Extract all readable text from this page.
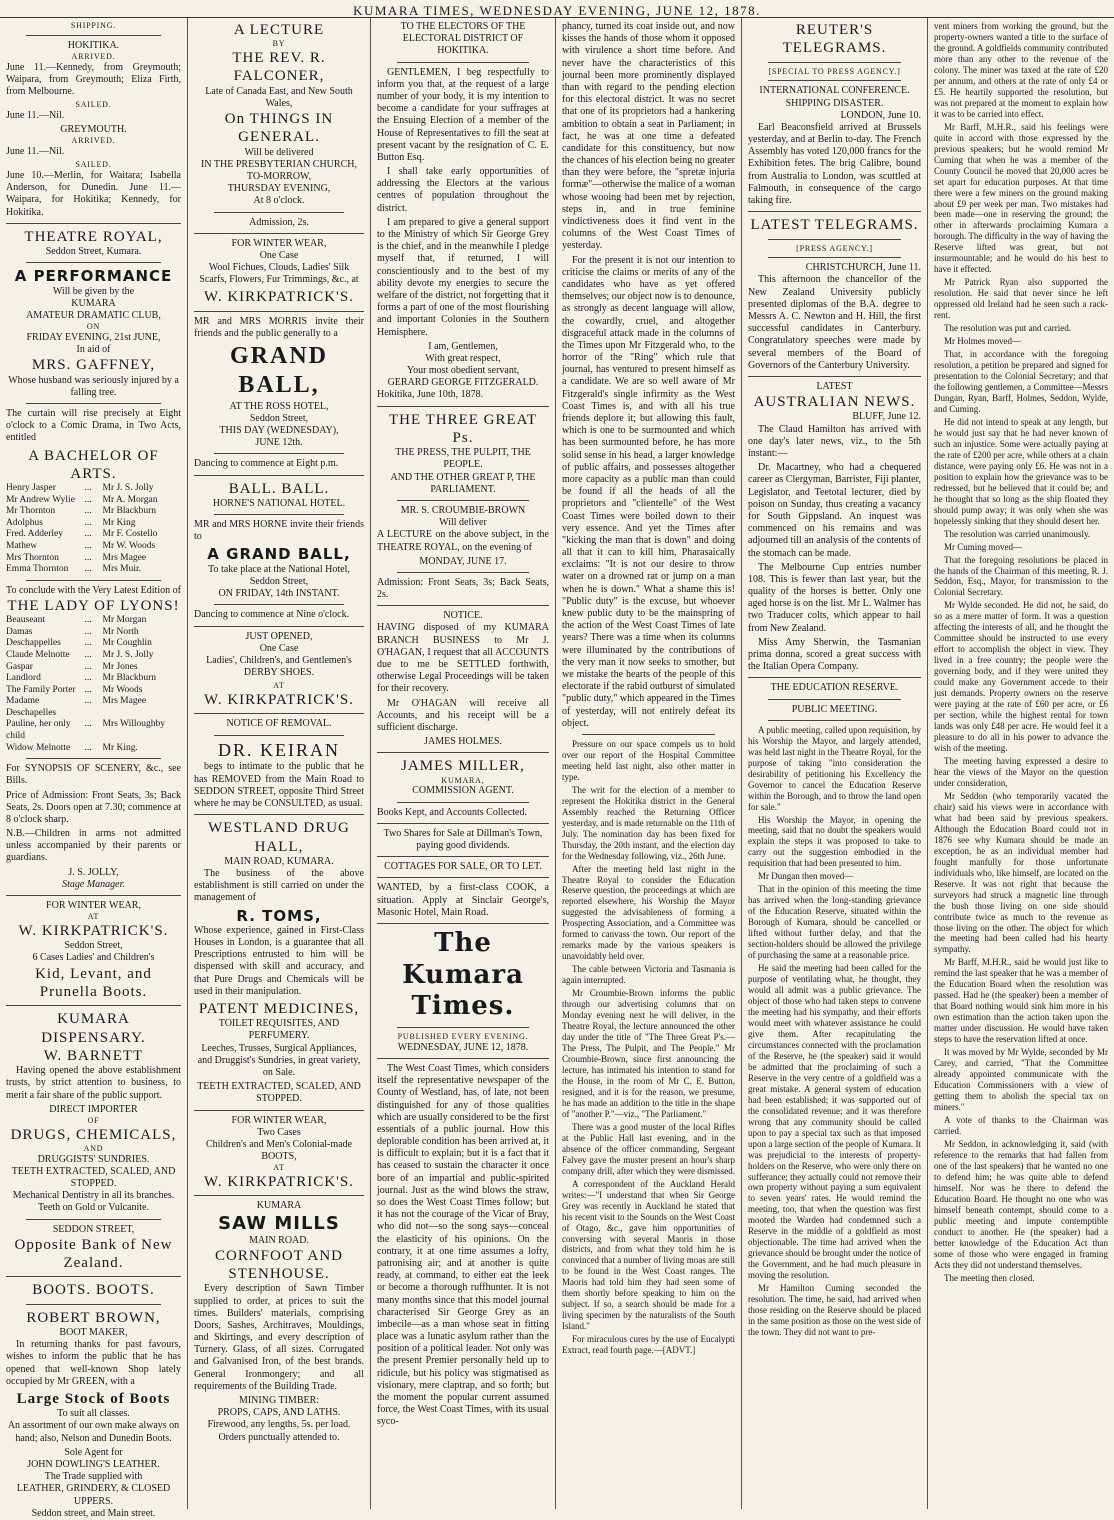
KUMARA TIMES, WEDNESDAY EVENING, JUNE 12, 1878.
SHIPPING.
HOKITIKA.
ARRIVED.

June 11.—Kennedy, from Greymouth; Waipara, from Greymouth; Eliza Firth, from Melbourne.

SAILED.

June 11.—Nil.

GREYMOUTH.
ARRIVED.

June 11.—Nil.

SAILED.

June 10.—Merlin, for Waitara; Isabella Anderson, for Dunedin. June 11.—Waipara, for Hokitika; Kennedy, for Hokitika.

THEATRE ROYAL,
Seddon Street, Kumara.
A PERFORMANCE
Will be given by the
KUMARA
AMATEUR DRAMATIC CLUB,
ON
FRIDAY EVENING, 21st JUNE,
In aid of
MRS. GAFFNEY,
Whose husband was seriously injured by a falling tree.

The curtain will rise precisely at Eight o'clock to a Comic Drama, in Two Acts, entitled

A BACHELOR OF ARTS.
Henry Jasper	...	Mr J. S. Jolly
Mr Andrew Wylie	...	Mr A. Morgan
Mr Thornton	...	Mr Blackburn
Adolphus	...	Mr King
Fred. Adderley	...	Mr F. Costello
Mathew	...	Mr W. Woods
Mrs Thornton	...	Mrs Magee
Emma Thornton	...	Mrs Muir.
To conclude with the Very Latest Edition of
THE LADY OF LYONS!
Beauseant	...	Mr Morgan
Damas	...	Mr North
Deschappelles	...	Mr Coughlin
Claude Melnotte	...	Mr J. S. Jolly
Gaspar	...	Mr Jones
Landlord	...	Mr Blackburn
The Family Porter ...	Mr Woods
Madame Deschapelles
...	Mrs Magee
Pauline, her only child
...	Mrs Willoughby
Widow Melnotte	...	Mr King.

For SYNOPSIS OF SCENERY, &c., see Bills.

Price of Admission: Front Seats, 3s; Back Seats, 2s. Doors open at 7.30; commence at 8 o'clock sharp.

N.B.—Children in arms not admitted unless accompanied by their parents or guardians.

J. S. JOLLY,
Stage Manager.
FOR WINTER WEAR,
AT
W. KIRKPATRICK'S.
Seddon Street,
6 Cases Ladies' and Children's
Kid, Levant, and Prunella Boots.
KUMARA DISPENSARY.
W. BARNETT

Having opened the above establishment trusts, by strict attention to business, to merit a fair share of the public support.

DIRECT IMPORTER
OF
DRUGS, CHEMICALS,
AND
DRUGGISTS' SUNDRIES.
TEETH EXTRACTED, SCALED, AND STOPPED.
Mechanical Dentistry in all its branches. Teeth on Gold or Vulcanite.
SEDDON STREET,
Opposite Bank of New Zealand.
BOOTS. BOOTS.
ROBERT BROWN,
BOOT MAKER,

In returning thanks for past favours, wishes to inform the public that he has opened that well-known Shop lately occupied by Mr GREEN, with a

Large Stock of Boots
To suit all classes.

An assortment of our own make always on hand; also, Nelson and Dunedin Boots.

Sole Agent for
JOHN DOWLING'S LEATHER.
The Trade supplied with
LEATHER, GRINDERY, & CLOSED UPPERS.
Seddon street, and Main street.
A LECTURE
BY
THE REV. R. FALCONER,
Late of Canada East, and New South Wales,
On THINGS IN GENERAL.
Will be delivered
IN THE PRESBYTERIAN CHURCH,
TO-MORROW,
THURSDAY EVENING,
At 8 o'clock.
Admission, 2s.
FOR WINTER WEAR,
One Case

Wool Fichues, Clouds, Ladies' Silk Scarfs, Flowers, Fur Trimmings, &c., at

W. KIRKPATRICK'S.

MR and MRS MORRIS invite their friends and the public generally to a

GRAND BALL,
AT THE ROSS HOTEL,
Seddon Street,
THIS DAY (WEDNESDAY),
JUNE 12th.
Dancing to commence at Eight p.m.
BALL. BALL.
HORNE'S NATIONAL HOTEL.

MR and MRS HORNE invite their friends to

A GRAND BALL,
To take place at the National Hotel, Seddon Street,
ON FRIDAY, 14th INSTANT.
Dancing to commence at Nine o'clock.
JUST OPENED,
One Case

Ladies', Children's, and Gentlemen's DERBY SHOES.

AT
W. KIRKPATRICK'S.
NOTICE OF REMOVAL.
DR. KEIRAN

begs to intimate to the public that he has REMOVED from the Main Road to SEDDON STREET, opposite Third Street where he may be CONSULTED, as usual.

WESTLAND DRUG HALL,
MAIN ROAD, KUMARA.

The business of the above establishment is still carried on under the management of

R. TOMS,

Whose experience, gained in First-Class Houses in London, is a guarantee that all Prescriptions entrusted to him will be dispensed with skill and accuracy, and that Pure Drugs and Chemicals will be used in their manipulation.

PATENT MEDICINES,
TOILET REQUISITES, AND PERFUMERY.

Leeches, Trusses, Surgical Appliances, and Druggist's Sundries, in great variety, on Sale.

TEETH EXTRACTED, SCALED, AND STOPPED.
FOR WINTER WEAR,
Two Cases
Children's and Men's Colonial-made
BOOTS,
AT
W. KIRKPATRICK'S.
KUMARA
SAW MILLS
MAIN ROAD.
CORNFOOT AND STENHOUSE.

Every description of Sawn Timber supplied to order, at prices to suit the times. Builders' materials, comprising Doors, Sashes, Architraves, Mouldings, and Skirtings, and every description of Turnery. Glass, of all sizes. Corrugated and Galvanised Iron, of the best brands. General Ironmongery; and all requirements of the Building Trade.

MINING TIMBER:
PROPS, CAPS, AND LATHS.
Firewood, any lengths, 5s. per load.
Orders punctually attended to.
TO THE ELECTORS OF THE ELECTORAL DISTRICT OF HOKITIKA.

GENTLEMEN, I beg respectfully to inform you that, at the request of a large number of your body, it is my intention to become a candidate for your suffrages at the Ensuing Election of a member of the House of Representatives to fill the seat at present vacant by the resignation of C. E. Button Esq.

I shall take early opportunities of addressing the Electors at the various centres of population throughout the district.

I am prepared to give a general support to the Ministry of which Sir George Grey is the chief, and in the meanwhile I pledge myself that, if returned, I will conscientiously and to the best of my ability devote my energies to secure the welfare of the district, not forgetting that it forms a part of one of the most flourishing and important Colonies in the Southern Hemisphere.

I am, Gentlemen,
With great respect,
Your most obedient servant,
GERARD GEORGE FITZGERALD.
Hokitika, June 10th, 1878.
THE THREE GREAT Ps.
THE PRESS, THE PULPIT, THE PEOPLE.
AND THE OTHER GREAT P, THE PARLIAMENT.
MR. S. CROUMBIE-BROWN
Will deliver

A LECTURE on the above subject, in the THEATRE ROYAL, on the evening of

MONDAY, JUNE 17.

Admission: Front Seats, 3s; Back Seats, 2s.

NOTICE.

HAVING disposed of my KUMARA BRANCH BUSINESS to Mr J. O'HAGAN, I request that all ACCOUNTS due to me be SETTLED forthwith, otherwise Legal Proceedings will be taken for their recovery.

Mr O'HAGAN will receive all Accounts, and his receipt will be a sufficient discharge.

JAMES HOLMES.
JAMES MILLER,
KUMARA,
COMMISSION AGENT.
Books Kept, and Accounts Collected.

Two Shares for Sale at Dillman's Town, paying good dividends.

COTTAGES FOR SALE, OR TO LET.

WANTED, by a first-class COOK, a situation. Apply at Sinclair George's, Masonic Hotel, Main Road.

The Kumara Times.
PUBLISHED EVERY EVENING.
WEDNESDAY, JUNE 12, 1878.

The West Coast Times, which considers itself the representative newspaper of the County of Westland, has, of late, not been distinguished for any of those qualities which are usually considered to be the first essentials of a public journal. How this deplorable condition has been arrived at, it is difficult to explain; but it is a fact that it has ceased to sustain the character it once bore of an impartial and public-spirited journal. Just as the wind blows the straw, so does the West Coast Times follow; but it has not the courage of the Vicar of Bray, who did not—so the song says—conceal the elasticity of his opinions. On the contrary, it at one time assumes a lofty, patronising air; and at another is quite ready, at command, to either eat the leek or become a thorough ruffhunter. It is not many months since that this model journal characterised Sir George Grey as an imbecile—as a man whose seat in fitting place was a lunatic asylum rather than the position of a political leader. Not only was the present Premier personally held up to ridicule, but his policy was stigmatised as visionary, mere claptrap, and so forth; but the moment the popular current assumed force, the West Coast Times, with its usual syco-

phancy, turned its coat inside out, and now kisses the hands of those whom it opposed with virulence a short time before. And never have the characteristics of this journal been more prominently displayed than with regard to the pending election for this electoral district. It was no secret that one of its proprietors had a hankering ambition to obtain a seat in Parliament; in fact, he was at one time a defeated candidate for this constituency, but now the chances of his election being no greater than they were before, the "spretæ injuria formæ"—otherwise the malice of a woman whose wooing had been met by rejection, steps in, and in true feminine vindictiveness does it find vent in the columns of the West Coast Times of yesterday.

For the present it is not our intention to criticise the claims or merits of any of the candidates who have as yet offered themselves; our object now is to denounce, as strongly as decent language will allow, the cowardly, cruel, and altogether disgraceful attack made in the columns of the Times upon Mr Fitzgerald who, to the horror of the "Ring" which rule that journal, has ventured to present himself as a candidate. We are so well aware of Mr Fitzgerald's single infirmity as the West Coast Times is, and with all his true friends deplore it; but allowing this fault, which is one to be surmounted and which has been surmounted before, he has more solid sense in his head, a larger knowledge of public affairs, and possesses altogether more capacity as a public man than could be found if all the heads of all the proprietors and "clientelle" of the West Coast Times were boiled down to their very essence. And yet the Times after "kicking the man that is down" and doing all that it can to kill him, Pharasaically exclaims: "It is not our desire to throw water on a drowned rat or jump on a man when he is down." What a shame this is! "Public duty" is the excuse, but whoever knew public duty to be the mainspring of the action of the West Coast Times of late years? There was a time when its columns were illuminated by the contributions of the very man it now seeks to smother, but we mistake the hearts of the people of this electorate if the rabid outburst of simulated "public duty," which appeared in the Times of yesterday, will not entirely defeat its object.

Pressure on our space compels us to hold over our report of the Hospital Committee meeting held last night, also other matter in type.

The writ for the election of a member to represent the Hokitika district in the General Assembly reached the Returning Officer yesterday, and is made returnable on the 11th of July. The nomination day has been fixed for Thursday, the 20th instant, and the election day for the Wednesday following, viz., 26th June.

After the meeting held last night in the Theatre Royal to consider the Education Reserve question, the proceedings at which are reported elsewhere, his Worship the Mayor suggested the advisableness of forming a Prospecting Association, and a Committee was formed to canvass the town. Our report of the remarks made by the various speakers is unavoidably held over.

The cable between Victoria and Tasmania is again interrupted.

Mr Croumbie-Brown informs the public through our advertising columns that on Monday evening next he will deliver, in the Theatre Royal, the lecture announced the other day under the title of "The Three Great P's.—The Press, The Pulpit, and The People." Mr Croumbie-Brown, since first announcing the lecture, has intimated his intention to stand for the House, in the room of Mr C. E. Button, resigned, and it is for the reason, we presume, he has made an addition to the title in the shape of "another P."—viz., "The Parliament."

There was a good muster of the local Rifles at the Public Hall last evening, and in the absence of the officer commanding, Sergeant Falvey gave the muster present an hour's sharp company drill, after which they were dismissed.

A correspondent of the Auckland Herald writes:—"I understand that when Sir George Grey was recently in Auckland he stated that his recent visit to the Sounds on the West Coast of Otago, &c., gave him opportunities of conversing with several Maoris in those districts, and from what they told him he is convinced that a number of living moas are still to be found in the West Coast ranges. The Maoris had told him they had seen some of them shortly before speaking to him on the subject. If so, a search should be made for a living specimen by the naturalists of the South Island."

For miraculous cures by the use of Eucalypti Extract, read fourth page.—[ADVT.]

REUTER'S TELEGRAMS.
[SPECIAL TO PRESS AGENCY.]
INTERNATIONAL CONFERENCE.
SHIPPING DISASTER.
LONDON, June 10.

Earl Beaconsfield arrived at Brussels yesterday, and at Berlin to-day. The French Assembly has voted 120,000 francs for the Exhibition fetes. The brig Calibre, bound from Australia to London, was scuttled at Falmouth, in consequence of the cargo taking fire.

LATEST TELEGRAMS.
[PRESS AGENCY.]
CHRISTCHURCH, June 11.

This afternoon the chancellor of the New Zealand University publicly presented diplomas of the B.A. degree to Messrs A. C. Newton and H. Hill, the first successful candidates in Canterbury. Congratulatory speeches were made by several members of the Board of Governors of the Canterbury University.

LATEST
AUSTRALIAN NEWS.
BLUFF, June 12.

The Claud Hamilton has arrived with one day's later news, viz., to the 5th instant:—

Dr. Macartney, who had a chequered career as Clergyman, Barrister, Fiji planter, Legislator, and Teetotal lecturer, died by poison on Sunday, thus creating a vacancy for South Gippsland. An inquest was commenced on his remains and was adjourned till an analysis of the contents of the stomach can be made.

The Melbourne Cup entries number 108. This is fewer than last year, but the quality of the horses is better. Only one aged horse is on the list. Mr L. Walmer has two Traducer colts, which appear to hail from New Zealand.

Miss Amy Sherwin, the Tasmanian prima donna, scored a great success with the Italian Opera Company.

THE EDUCATION RESERVE.
PUBLIC MEETING.

A public meeting, called upon requisition, by his Worship the Mayor, and largely attended, was held last night in the Theatre Royal, for the purpose of taking "into consideration the desirability of petitioning his Excellency the Governor to cancel the Education Reserve within the Borough, and to throw the land open for sale."

His Worship the Mayor, in opening the meeting, said that no doubt the speakers would explain the steps it was proposed to take to carry out the suggestion embodied in the requisition that had been presented to him.

Mr Dungan then moved—

That in the opinion of this meeting the time has arrived when the long-standing grievance of the Education Reserve, situated within the Borough of Kumara, should be cancelled or lifted without further delay, and that the section-holders should be allowed the privilege of purchasing the same at a reasonable price.

He said the meeting had been called for the purpose of ventilating what, he thought, they would all admit was a public grievance. The object of those who had taken steps to convene the meeting had his sympathy, and their efforts would meet with whatever assistance he could give them. After recapitulating the circumstances connected with the proclamation of the Reserve, he (the speaker) said it would be admitted that the proclaiming of such a Reserve in the very centre of a goldfield was a great mistake. A general system of education had been established; it was supported out of the consolidated revenue; and it was therefore wrong that any community should be called upon to pay a special tax such as that imposed upon a large section of the people of Kumara. It was prejudicial to the interests of property-holders on the Reserve, who were only there on sufferance; they actually could not remove their own property without paying a sum equivalent to seven years' rates. He would remind the meeting, too, that when the question was first mooted the Warden had condemned such a Reserve in the middle of a goldfield as most objectionable. The time had arrived when the grievance should be brought under the notice of the Government, and he had much pleasure in moving the resolution.

Mr Hamilton Cuming seconded the resolution. The time, he said, had arrived when those residing on the Reserve should be placed in the same position as those on the west side of the town. They did not want to pre-

vent miners from working the ground, but the property-owners wanted a title to the surface of the ground. A goldfields community contributed more than any other to the revenue of the colony. The miner was taxed at the rate of £20 per annum, and others at the rate of only £4 or £5. He heartily supported the resolution, but was not prepared at the moment to explain how it was to be carried into effect.

Mr Barff, M.H.R., said his feelings were quite in accord with those expressed by the previous speakers; but he would remind Mr Cuming that when he was a member of the County Council he moved that 20,000 acres be set apart for education purposes. At that time there were a few miners on the ground making about £9 per week per man. Two mistakes had been made—one in reserving the ground; the other in afterwards proclaiming Kumara a borough. The difficulty in the way of having the Reserve lifted was great, but not insurmountable; and he would do his best to have it effected.

Mr Patrick Ryan also supported the resolution. He said that never since he left oppressed old Ireland had he seen such a rack-rent.

The resolution was put and carried.

Mr Holmes moved—

That, in accordance with the foregoing resolution, a petition be prepared and signed for presentation to the Colonial Secretary; and that the following gentlemen, a Committee—Messrs Dungan, Ryan, Barff, Holmes, Seddon, Wylde, and Cuming.

He did not intend to speak at any length, but he would just say that he had never known of such an injustice. Some were actually paying at the rate of £200 per acre, while others at a chain distance, were paying only £6. He was not in a position to explain how the grievance was to be redressed, but he believed that it could be; and he thought that so long as the ship floated they should pump away; it was only when she was hopelessly sinking that they should desert her.

The resolution was carried unanimously.

Mr Cuming moved—

That the foregoing resolutions be placed in the hands of the Chairman of this meeting, R. J. Seddon, Esq., Mayor, for transmission to the Colonial Secretary.

Mr Wylde seconded. He did not, he said, do so as a mere matter of form. It was a question affecting the interests of all, and he thought the Committee should be instructed to use every effort to accomplish the object in view. They lived in a free country; the people were the governing body, and if they were united they could make any Government accede to their just demands. Property owners on the reserve were paying at the rate of £60 per acre, or £6 per section, while the highest rental for town lands was only £48 per acre. He would feel it a pleasure to do all in his power to advance the wish of the meeting.

The meeting having expressed a desire to hear the views of the Mayor on the question under consideration,

Mr Seddon (who temporarily vacated the chair) said his views were in accordance with what had been said by previous speakers. Although the Education Board could not in 1876 see why Kumara should be made an exception, he as an individual member had fought manfully for those unfortunate individuals who, like himself, are located on the Reserve. It was not right that because the surveyors had struck a magnetic line through the bush those living on one side should contribute twice as much to the revenue as those living on the other. The object for which the meeting had been called had his hearty sympathy.

Mr Barff, M.H.R., said he would just like to remind the last speaker that he was a member of the Education Board when the resolution was passed. Had he (the speaker) been a member of that Board nothing would sink him more in his own estimation than the action taken upon the matter under discussion. He would have taken steps to have the reservation lifted at once.

It was moved by Mr Wylde, seconded by Mr Carey, and carried, "That the Committee already appointed communicate with the Education Commissioners with a view of getting them to abolish the special tax on miners."

A vote of thanks to the Chairman was carried.

Mr Seddon, in acknowledging it, said (with reference to the remarks that had fallen from one of the last speakers) that he wanted no one to defend him; he was quite able to defend himself. Nor was he there to defend the Education Board. He thought no one who was himself beneath contempt, should come to a public meeting and impute contemptible conduct to another. He (the speaker) had a better knowledge of the Education Act than some of those who were engaged in framing Acts they did not understand themselves.

The meeting then closed.
